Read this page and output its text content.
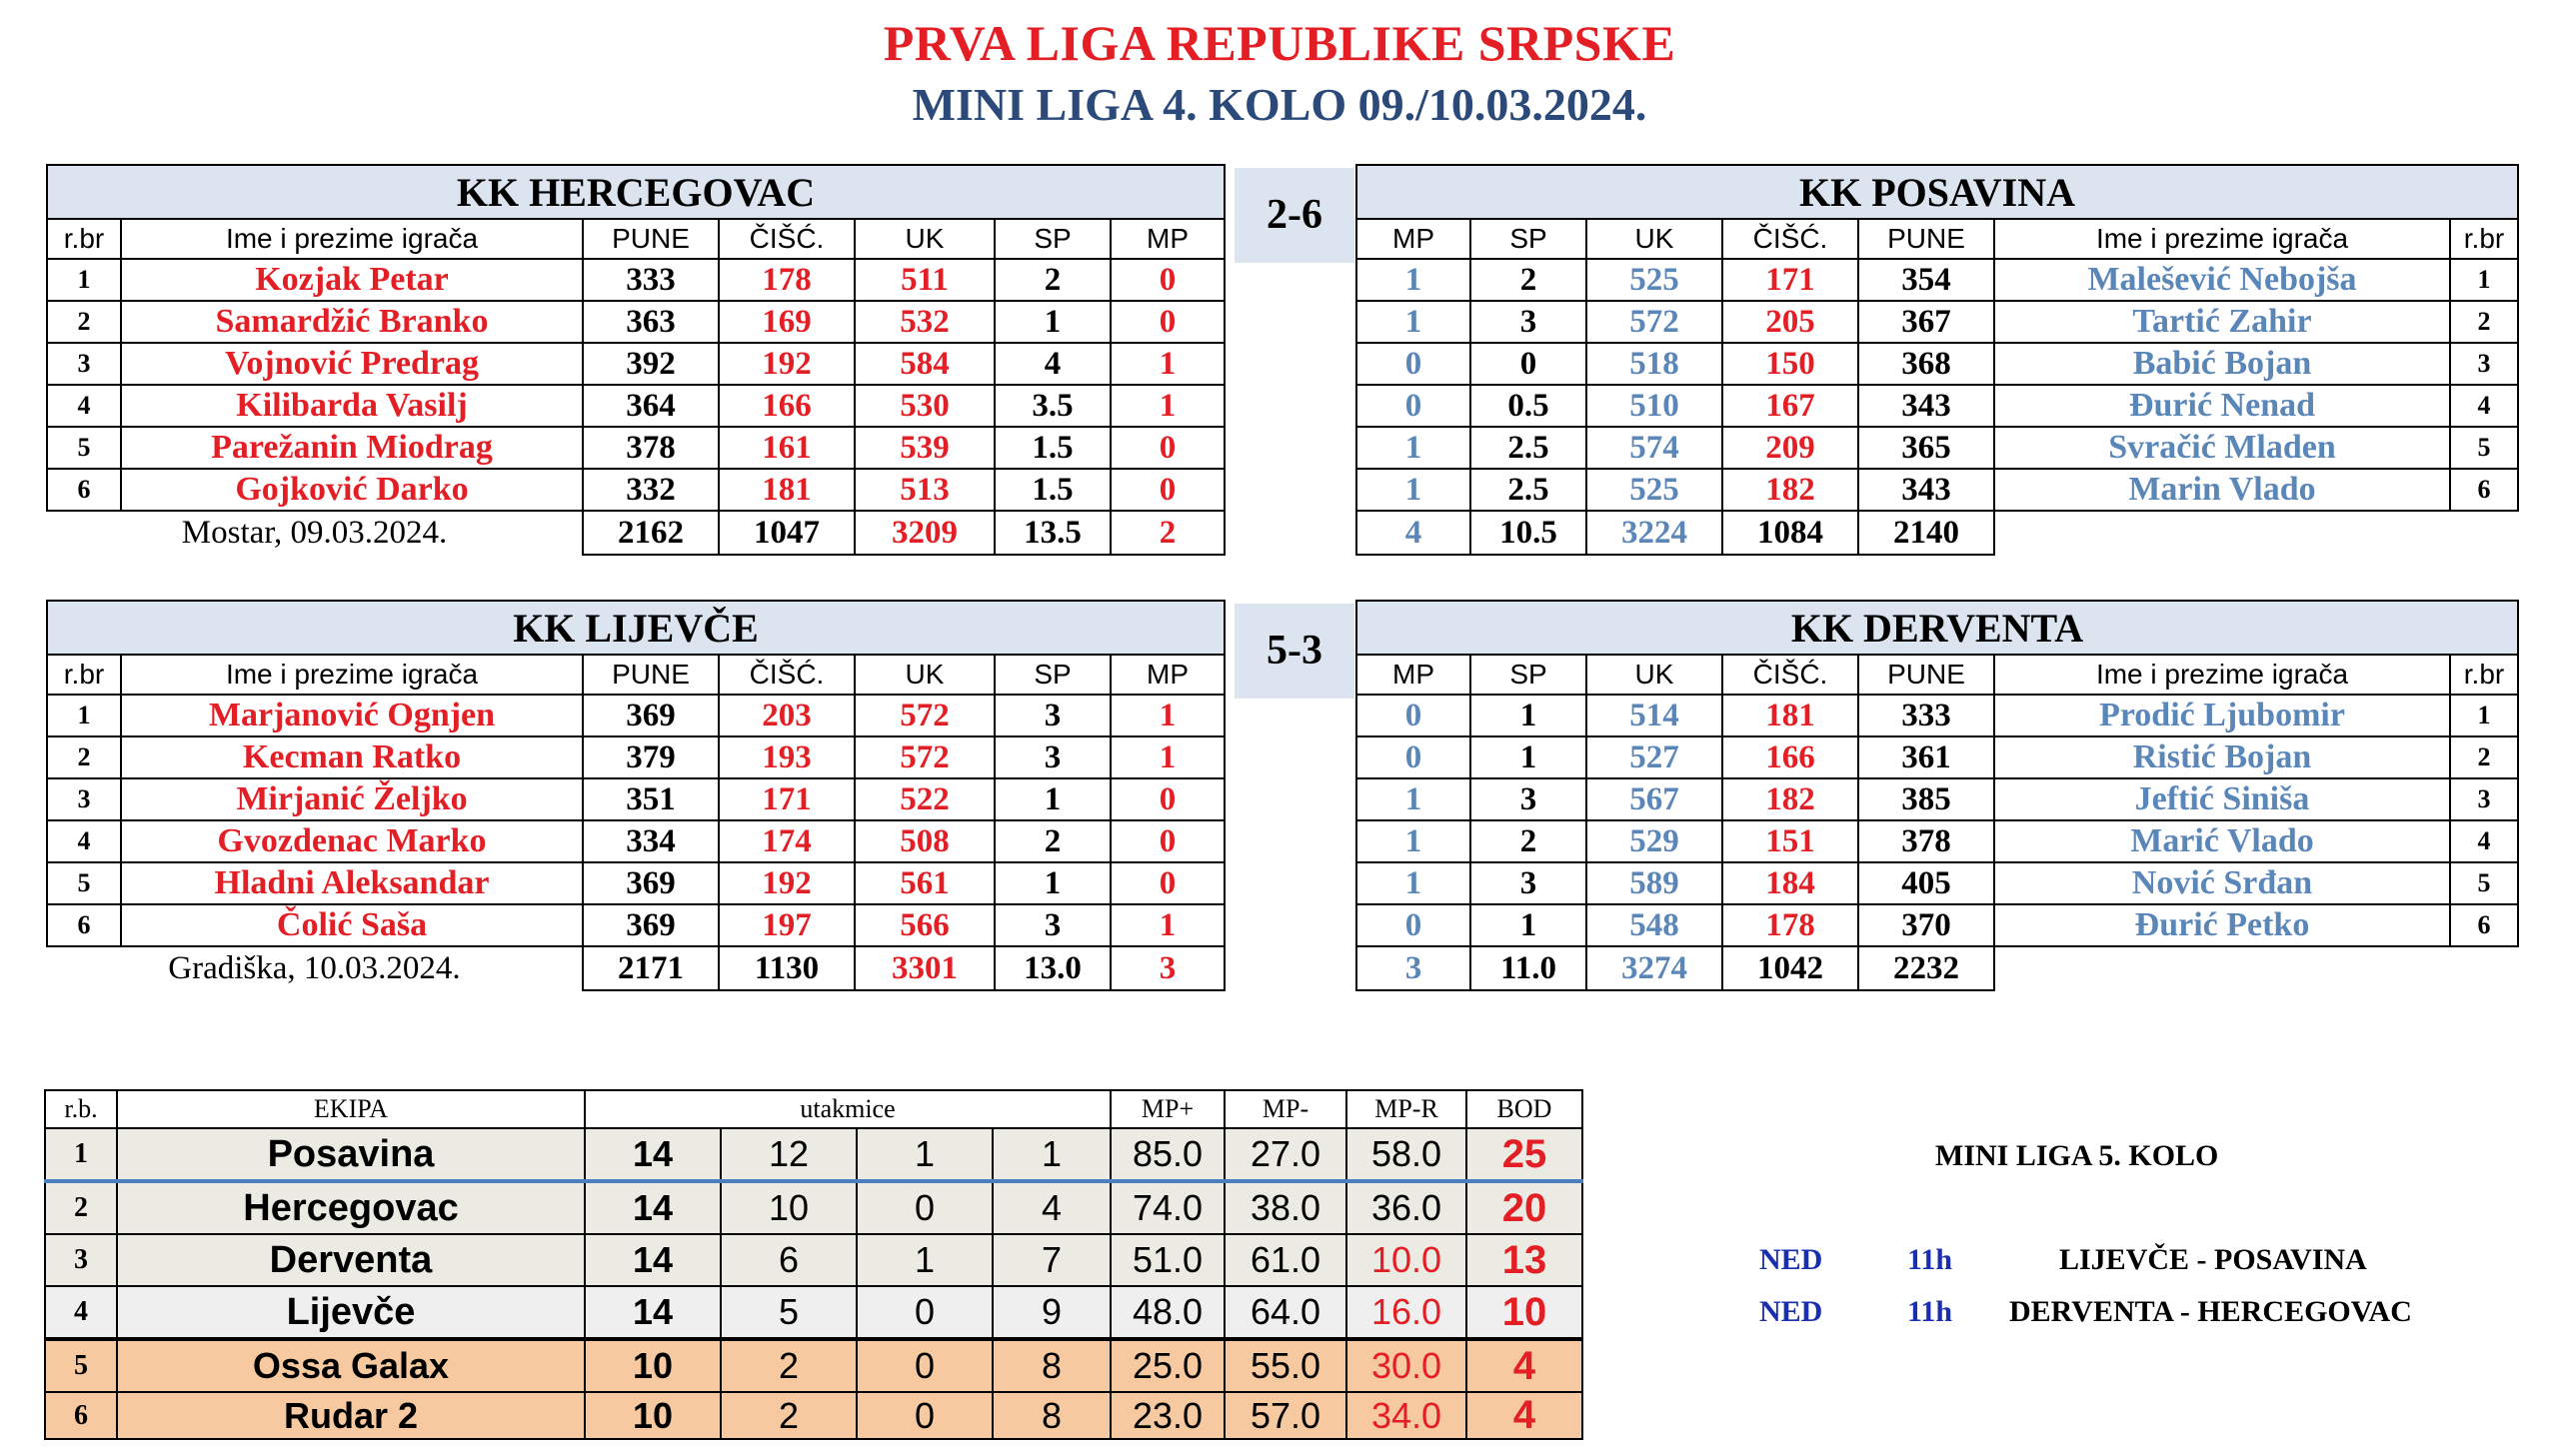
PRVA LIGA REPUBLIKE SRPSKE
MINI LIGA 4. KOLO 09./10.03.2024.
KK HERCEGOVAC						
r.br	Ime i prezime igrača	PUNE	ČIŠĆ.	UK	SP	MP
1	Kozjak Petar	333	178	511	2	0
2	Samardžić Branko	363	169	532	1	0
3	Vojnović Predrag	392	192	584	4	1
4	Kilibarda Vasilj	364	166	530	3.5	1
5	Parežanin Miodrag	378	161	539	1.5	0
6	Gojković Darko	332	181	513	1.5	0
Mostar, 09.03.2024.		2162	1047	3209	13.5	2
KK POSAVINA						
MP	SP	UK	ČIŠĆ.	PUNE	Ime i prezime igrača	r.br
1	2	525	171	354	Malešević Nebojša	1
1	3	572	205	367	Tartić Zahir	2
0	0	518	150	368	Babić Bojan	3
0	0.5	510	167	343	Đurić Nenad	4
1	2.5	574	209	365	Svračić Mladen	5
1	2.5	525	182	343	Marin Vlado	6
4	10.5	3224	1084	2140		
KK LIJEVČE						
r.br	Ime i prezime igrača	PUNE	ČIŠĆ.	UK	SP	MP
1	Marjanović Ognjen	369	203	572	3	1
2	Kecman Ratko	379	193	572	3	1
3	Mirjanić Željko	351	171	522	1	0
4	Gvozdenac Marko	334	174	508	2	0
5	Hladni Aleksandar	369	192	561	1	0
6	Čolić Saša	369	197	566	3	1
Gradiška, 10.03.2024.		2171	1130	3301	13.0	3
KK DERVENTA						
MP	SP	UK	ČIŠĆ.	PUNE	Ime i prezime igrača	r.br
0	1	514	181	333	Prodić Ljubomir	1
0	1	527	166	361	Ristić Bojan	2
1	3	567	182	385	Jeftić Siniša	3
1	2	529	151	378	Marić Vlado	4
1	3	589	184	405	Nović Srđan	5
0	1	548	178	370	Đurić Petko	6
3	11.0	3274	1042	2232		
2-6
5-3
r.b.	EKIPA	utakmice				MP+	MP-	MP-R	BOD
1	Posavina	14	12	1	1	85.0	27.0	58.0	25
2	Hercegovac	14	10	0	4	74.0	38.0	36.0	20
3	Derventa	14	6	1	7	51.0	61.0	10.0	13
4	Lijevče	14	5	0	9	48.0	64.0	16.0	10
5	Ossa Galax	10	2	0	8	25.0	55.0	30.0	4
6	Rudar 2	10	2	0	8	23.0	57.0	34.0	4
MINI LIGA 5. KOLO
NED	11h	LIJEVČE - POSAVINA
NED	11h DERVENTA - HERCEGOVAC
